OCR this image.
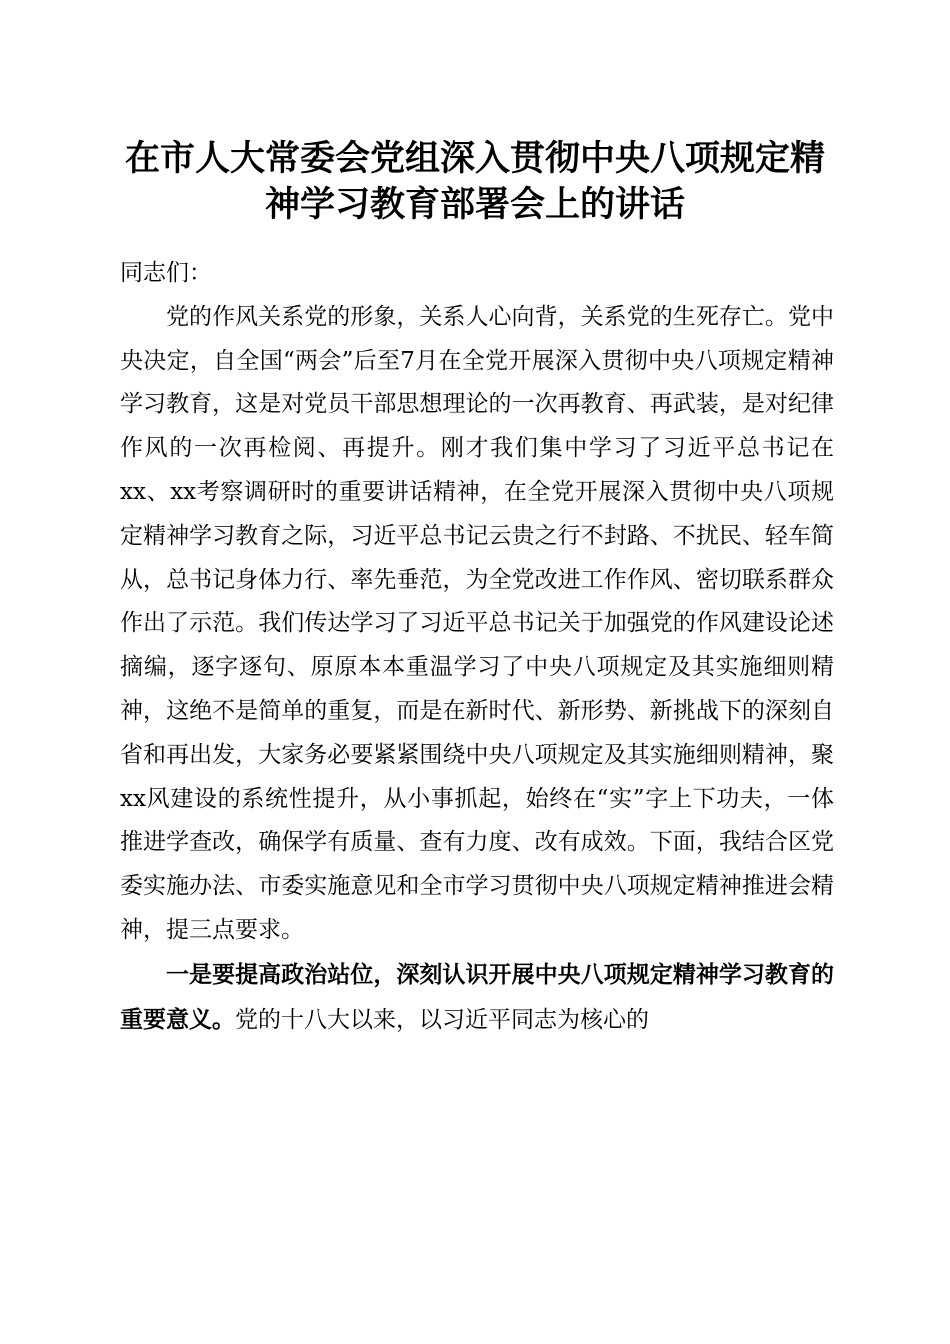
在市人大常委会党组深入贯彻中央八项规定精
神学习教育部署会上的讲话

同志们：

党的作风关系党的形象，关系人心向背，关系党的生死存亡。党中央决定，自全国“两会”后至7月在全党开展深入贯彻中央八项规定精神学习教育，这是对党员干部思想理论的一次再教育、再武装，是对纪律作风的一次再检阅、再提升。刚才我们集中学习了习近平总书记在xx、xx考察调研时的重要讲话精神，在全党开展深入贯彻中央八项规定精神学习教育之际，习近平总书记云贵之行不封路、不扰民、轻车简从，总书记身体力行、率先垂范，为全党改进工作作风、密切联系群众作出了示范。我们传达学习了习近平总书记关于加强党的作风建设论述摘编，逐字逐句、原原本本重温学习了中央八项规定及其实施细则精神，这绝不是简单的重复，而是在新时代、新形势、新挑战下的深刻自省和再出发，大家务必要紧紧围绕中央八项规定及其实施细则精神，聚xx风建设的系统性提升，从小事抓起，始终在“实”字上下功夫，一体推进学查改，确保学有质量、查有力度、改有成效。下面，我结合区党委实施办法、市委实施意见和全市学习贯彻中央八项规定精神推进会精神，提三点要求。

一是要提高政治站位，深刻认识开展中央八项规定精神学习教育的重要意义。党的十八大以来，以习近平同志为核心的
